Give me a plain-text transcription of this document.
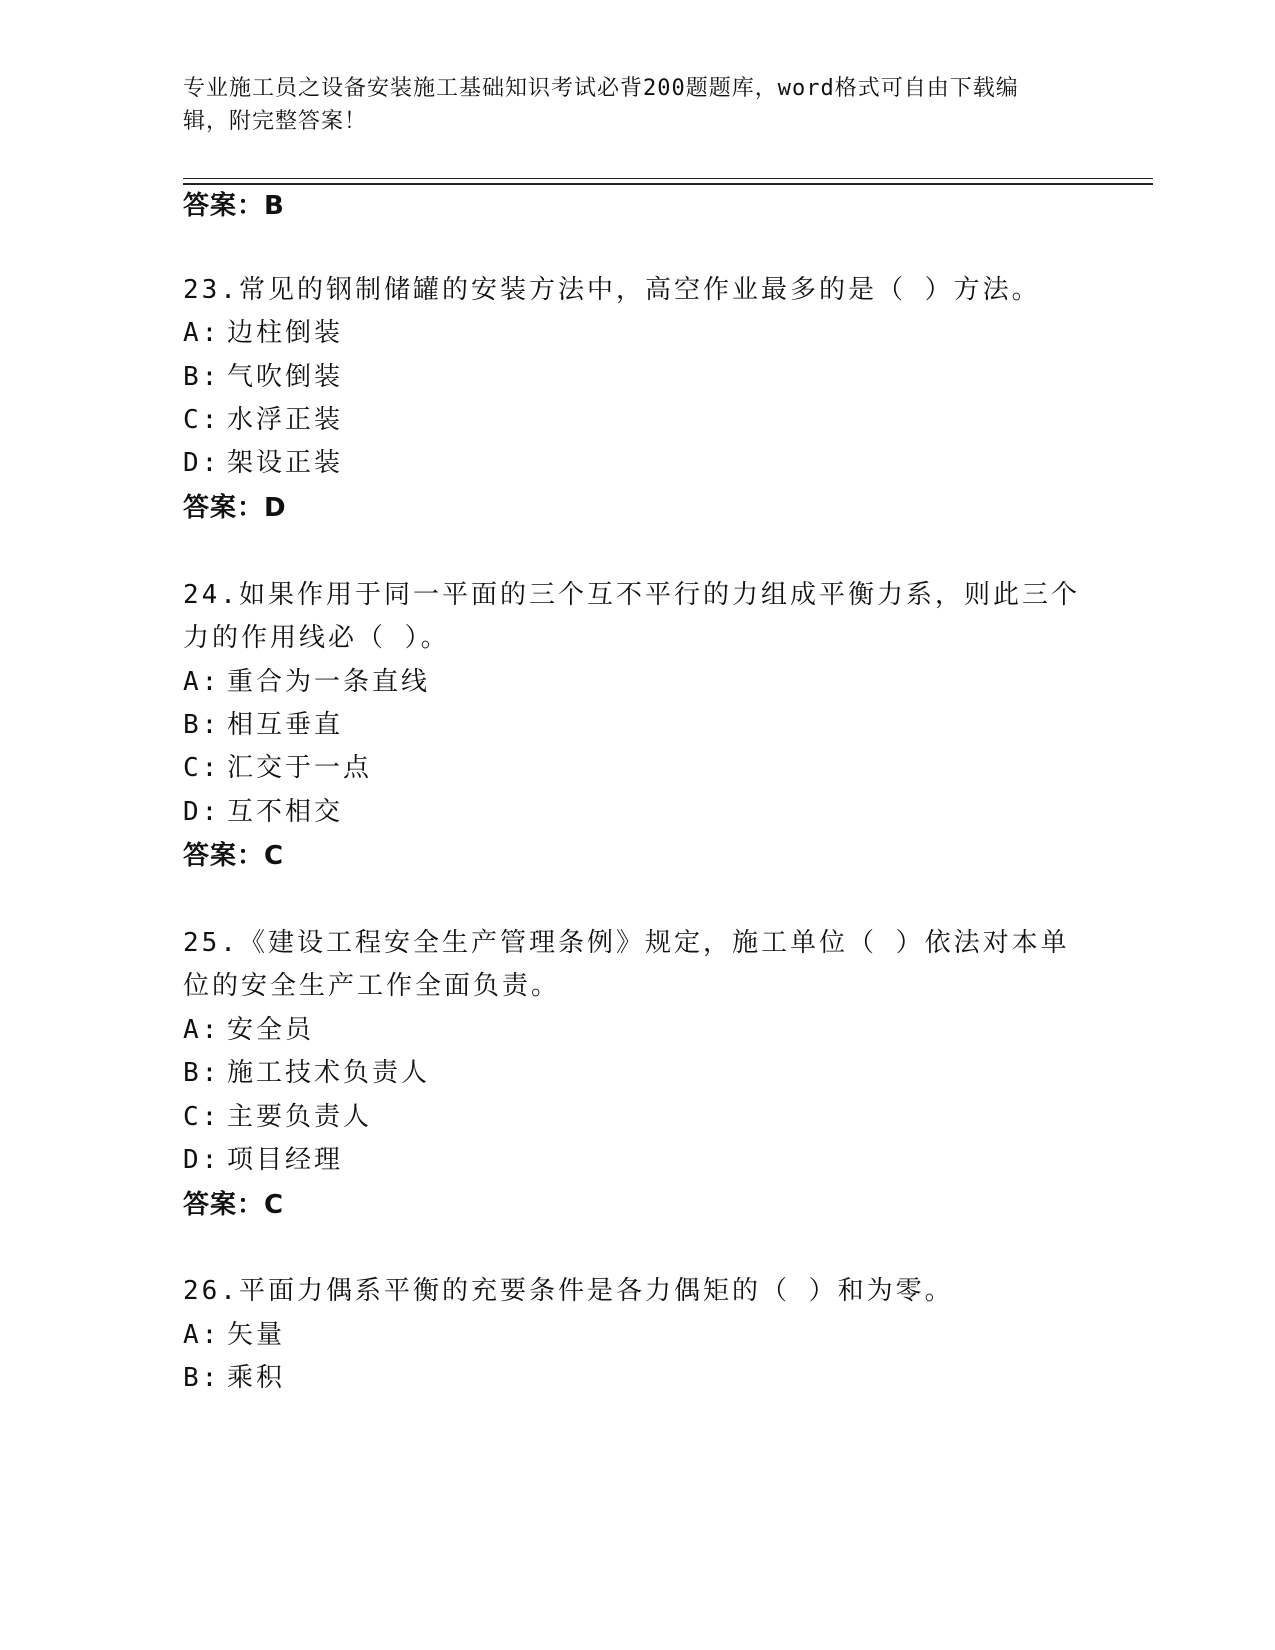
专业施工员之设备安装施工基础知识考试必背200题题库，word格式可自由下载编辑，附完整答案！
答案：B
23.常见的钢制储罐的安装方法中，高空作业最多的是（ ）方法。
A: 边柱倒装
B: 气吹倒装
C: 水浮正装
D: 架设正装
答案：D
24.如果作用于同一平面的三个互不平行的力组成平衡力系，则此三个
力的作用线必（ ）。
A: 重合为一条直线
B: 相互垂直
C: 汇交于一点
D: 互不相交
答案：C
25.《建设工程安全生产管理条例》规定，施工单位（ ）依法对本单
位的安全生产工作全面负责。
A: 安全员
B: 施工技术负责人
C: 主要负责人
D: 项目经理
答案：C
26.平面力偶系平衡的充要条件是各力偶矩的（ ）和为零。
A: 矢量
B: 乘积
